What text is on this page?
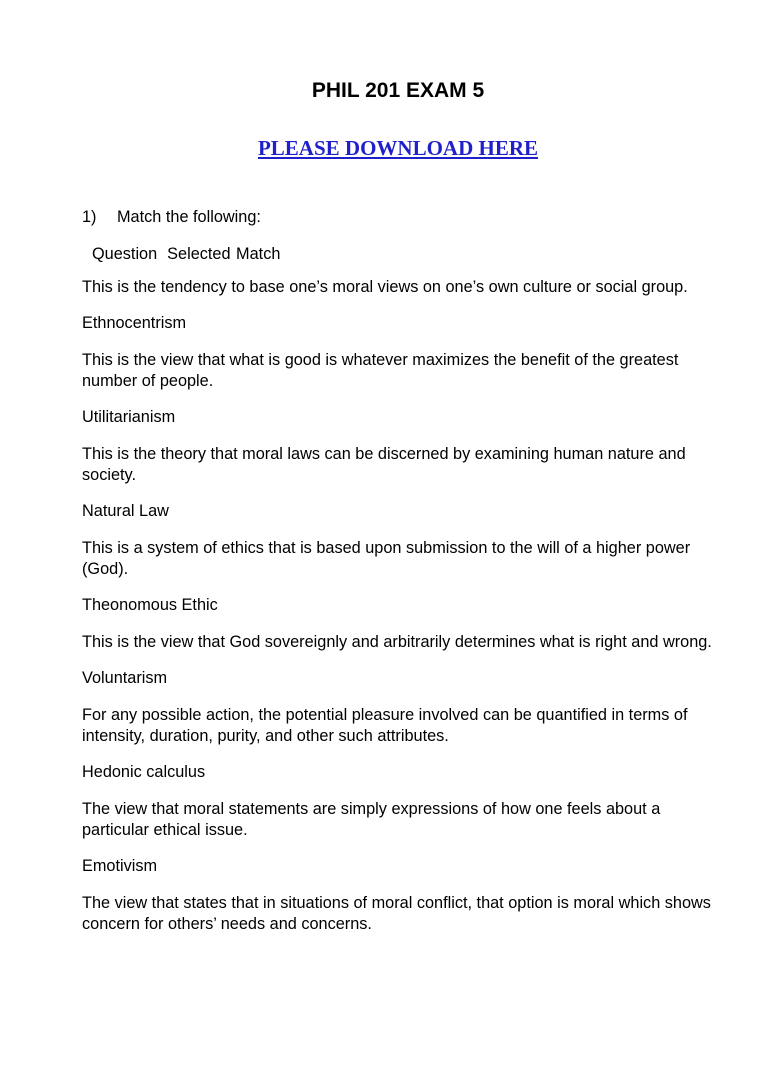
PHIL 201 EXAM 5
PLEASE DOWNLOAD HERE
1)	Match the following:
Question Selected Match
This is the tendency to base one’s moral views on one’s own culture or social group.
Ethnocentrism
This is the view that what is good is whatever maximizes the benefit of the greatest number of people.
Utilitarianism
This is the theory that moral laws can be discerned by examining human nature and society.
Natural Law
This is a system of ethics that is based upon submission to the will of a higher power (God).
Theonomous Ethic
This is the view that God sovereignly and arbitrarily determines what is right and wrong.
Voluntarism
For any possible action, the potential pleasure involved can be quantified in terms of intensity, duration, purity, and other such attributes.
Hedonic calculus
The view that moral statements are simply expressions of how one feels about a particular ethical issue.
Emotivism
The view that states that in situations of moral conflict, that option is moral which shows concern for others’ needs and concerns.
